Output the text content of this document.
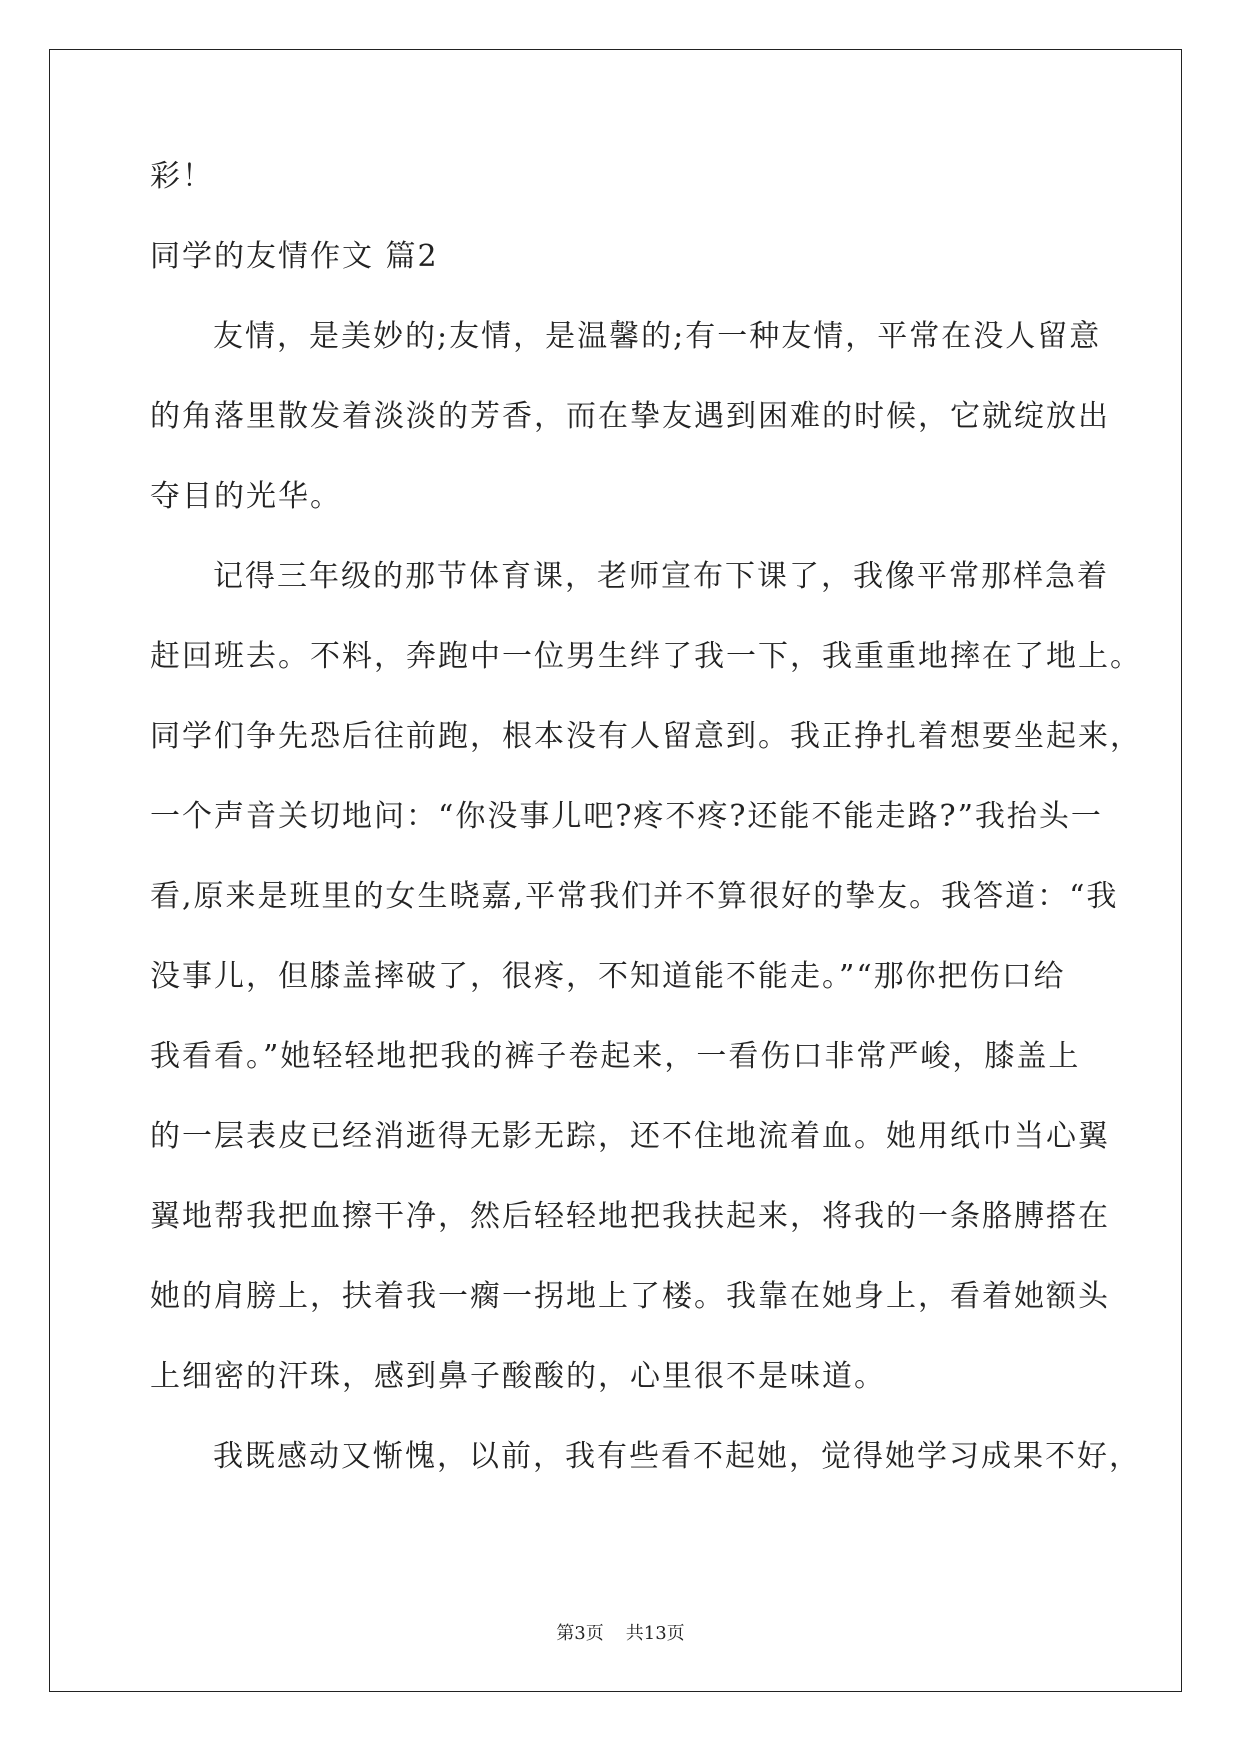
彩！
同学的友情作文 篇2
友情，是美妙的;友情，是温馨的;有一种友情，平常在没人留意
的角落里散发着淡淡的芳香，而在挚友遇到困难的时候，它就绽放出
夺目的光华。
记得三年级的那节体育课，老师宣布下课了，我像平常那样急着
赶回班去。不料，奔跑中一位男生绊了我一下，我重重地摔在了地上。
同学们争先恐后往前跑，根本没有人留意到。我正挣扎着想要坐起来，
一个声音关切地问：“你没事儿吧?疼不疼?还能不能走路?”我抬头一
看,原来是班里的女生晓嘉,平常我们并不算很好的挚友。我答道：“我
没事儿，但膝盖摔破了，很疼，不知道能不能走。”“那你把伤口给
我看看。”她轻轻地把我的裤子卷起来，一看伤口非常严峻，膝盖上
的一层表皮已经消逝得无影无踪，还不住地流着血。她用纸巾当心翼
翼地帮我把血擦干净，然后轻轻地把我扶起来，将我的一条胳膊搭在
她的肩膀上，扶着我一瘸一拐地上了楼。我靠在她身上，看着她额头
上细密的汗珠，感到鼻子酸酸的，心里很不是味道。
我既感动又惭愧，以前，我有些看不起她，觉得她学习成果不好，
第3页 共13页
